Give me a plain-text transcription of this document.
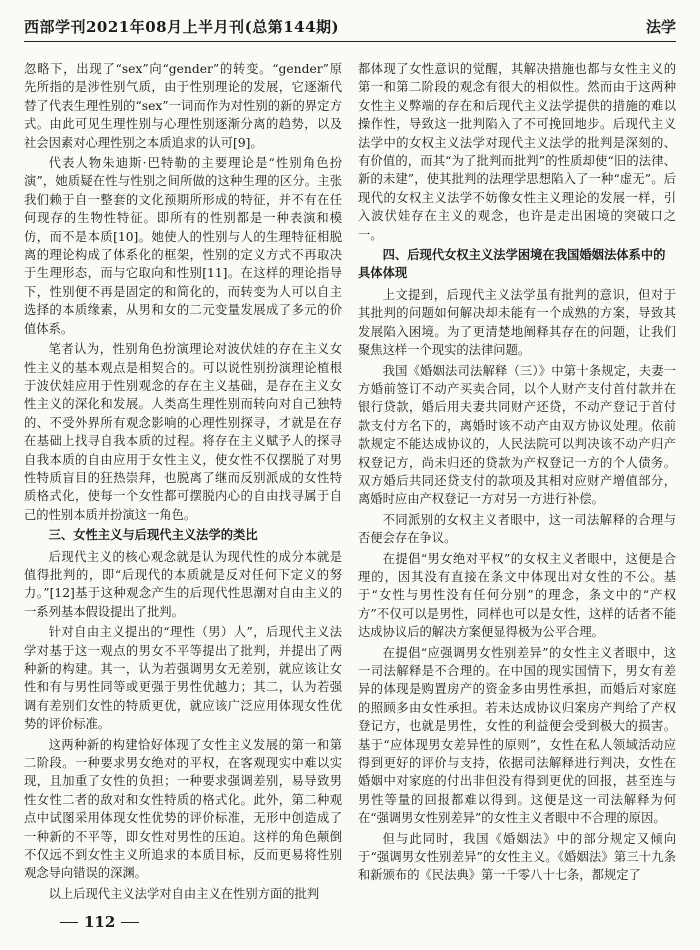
西部学刊2021年08月上半月刊(总第144期)	法学

忽略下，出现了“sex”向“gender”的转变。“gender”原先所指的是涉性别气质，由于性别理论的发展，它逐渐代替了代表生理性别的“sex”一词而作为对性别的新的界定方式。由此可见生理性别与心理性别逐渐分离的趋势，以及社会因素对心理性别之本质追求的认可[9]。

代表人物朱迪斯·巴特勒的主要理论是“性别角色扮演”，她质疑在性与性别之间所做的这种生理的区分。主张我们赖于自一整套的文化预期所形成的特征，并不有在任何现存的生物性特征。即所有的性别都是一种表演和模仿，而不是本质[10]。她使人的性别与人的生理特征相脱离的理论构成了体系化的框架，性别的定义方式不再取决于生理形态，而与它取向和性别[11]。在这样的理论指导下，性别便不再是固定的和简化的，而转变为人可以自主选择的本质缘素，从男和女的二元变量发展成了多元的价值体系。

笔者认为，性别角色扮演理论对波伏娃的存在主义女性主义的基本观点是相契合的。可以说性别扮演理论植根于波伏娃应用于性别观念的存在主义基础，是存在主义女性主义的深化和发展。人类高生理性别而转向对自己独特的、不受外界所有观念影响的心理性别探寻，才就是在存在基础上找寻自我本质的过程。将存在主义赋予人的探寻自我本质的自由应用于女性主义，使女性不仅摆脱了对男性特质盲目的狂热崇拜，也脱离了继而反别派成的女性特质格式化，使每一个女性都可摆脱内心的自由找寻属于自己的性别本质并扮演这一角色。

三、女性主义与后现代主义法学的类比

后现代主义的核心观念就是认为现代性的成分本就是值得批判的，即“后现代的本质就是反对任何下定义的努力。”[12]基于这种观念产生的后现代性思潮对自由主义的一系列基本假设提出了批判。

针对自由主义提出的“理性（男）人”，后现代主义法学对基于这一观点的男女不平等提出了批判，并提出了两种新的构建。其一，认为若强调男女无差别，就应该让女性和有与男性同等或更强于男性优越力；其二，认为若强调有差别们女性的特质更优，就应该广泛应用体现女性优势的评价标准。

这两种新的构建恰好体现了女性主义发展的第一和第二阶段。一种要求男女绝对的平权，在客观现实中难以实现，且加重了女性的负担；一种要求强调差别，易导致男性女性二者的敌对和女性特质的格式化。此外，第二种观点中试图采用体现女性优势的评价标准，无形中创造成了一种新的不平等，即女性对男性的压迫。这样的角色颠倒不仅远不到女性主义所追求的本质目标，反而更易将性别观念导向错误的深渊。

以上后现代主义法学对自由主义在性别方面的批判

都体现了女性意识的觉醒，其解决措施也都与女性主义的第一和第二阶段的观念有很大的相似性。然而由于这两种女性主义弊端的存在和后现代主义法学提供的措施的难以操作性，导致这一批判陷入了不可挽回地步。后现代主义法学中的女权主义法学对现代主义法学的批判是深刻的、有价值的，而其“为了批判而批判”的性质却使“旧的法律、新的未建”，使其批判的法理学思想陷入了一种“虚无”。后现代的女权主义法学不妨像女性主义理论的发展一样，引入波伏娃存在主义的观念，也许是走出困境的突破口之一。

四、后现代女权主义法学困境在我国婚姻法体系中的具体体现

上文提到，后现代主义法学虽有批判的意识，但对于其批判的问题如何解决却未能有一个成熟的方案，导致其发展陷入困境。为了更清楚地阐释其存在的问题，让我们聚焦这样一个现实的法律问题。

我国《婚姻法司法解释（三）》中第十条规定，夫妻一方婚前签订不动产买卖合同，以个人财产支付首付款并在银行贷款，婚后用夫妻共同财产还贷，不动产登记于首付款支付方名下的，离婚时该不动产由双方协议处理。依前款规定不能达成协议的，人民法院可以判决该不动产归产权登记方，尚未归还的贷款为产权登记一方的个人债务。双方婚后共同还贷支付的款项及其相对应财产增值部分，离婚时应由产权登记一方对另一方进行补偿。

不同派别的女权主义者眼中，这一司法解释的合理与否便会存在争议。

在提倡“男女绝对平权”的女权主义者眼中，这便是合理的，因其没有直接在条文中体现出对女性的不公。基于“女性与男性没有任何分别”的理念，条文中的“产权方”不仅可以是男性，同样也可以是女性，这样的话者不能达成协议后的解决方案便显得极为公平合理。

在提倡“应强调男女性别差异”的女性主义者眼中，这一司法解释是不合理的。在中国的现实国情下，男女有差异的体现是购置房产的资金多由男性承担，而婚后对家庭的照顾多由女性承担。若未达成协议归案房产判给了产权登记方，也就是男性，女性的利益便会受到极大的损害。基于“应体现男女差异性的原则”，女性在私人领域活动应得到更好的评价与支持，依据司法解释进行判决，女性在婚姻中对家庭的付出非但没有得到更优的回报，甚至连与男性等量的回报都难以得到。这便是这一司法解释为何在“强调男女性别差异”的女性主义者眼中不合理的原因。

但与此同时，我国《婚姻法》中的部分规定又倾向于“强调男女性别差异”的女性主义。《婚姻法》第三十九条和新颁布的《民法典》第一千零八十七条，都规定了

112
